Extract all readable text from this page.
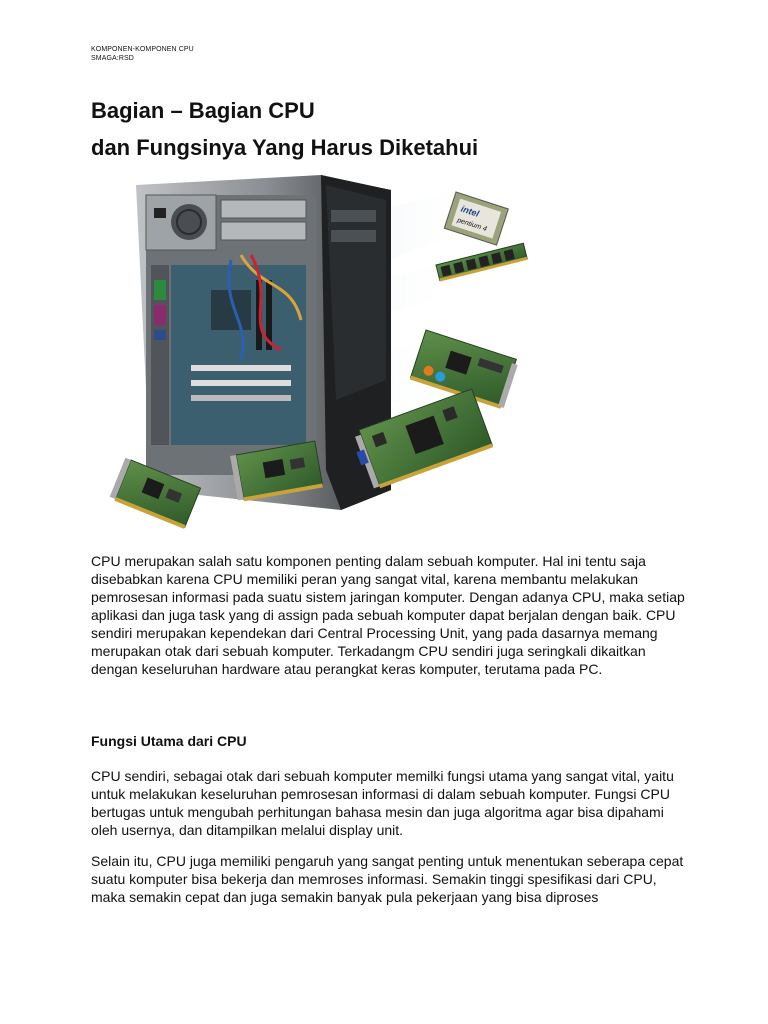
KOMPONEN-KOMPONEN CPU
SMAGA:RSD
Bagian – Bagian CPU
dan Fungsinya Yang Harus Diketahui
intel
pentium 4

CPU merupakan salah satu komponen penting dalam sebuah komputer. Hal ini tentu saja disebabkan karena CPU memiliki peran yang sangat vital, karena membantu melakukan pemrosesan informasi pada suatu sistem jaringan komputer. Dengan adanya CPU, maka setiap aplikasi dan juga task yang di assign pada sebuah komputer dapat berjalan dengan baik. CPU sendiri merupakan kependekan dari Central Processing Unit, yang pada dasarnya memang merupakan otak dari sebuah komputer. Terkadangm CPU sendiri juga seringkali dikaitkan dengan keseluruhan hardware atau perangkat keras komputer, terutama pada PC.

Fungsi Utama dari CPU

CPU sendiri, sebagai otak dari sebuah komputer memilki fungsi utama yang sangat vital, yaitu untuk melakukan keseluruhan pemrosesan informasi di dalam sebuah komputer. Fungsi CPU bertugas untuk mengubah perhitungan bahasa mesin dan juga algoritma agar bisa dipahami oleh usernya, dan ditampilkan melalui display unit.

Selain itu, CPU juga memiliki pengaruh yang sangat penting untuk menentukan seberapa cepat suatu komputer bisa bekerja dan memroses informasi. Semakin tinggi spesifikasi dari CPU, maka semakin cepat dan juga semakin banyak pula pekerjaan yang bisa diproses
